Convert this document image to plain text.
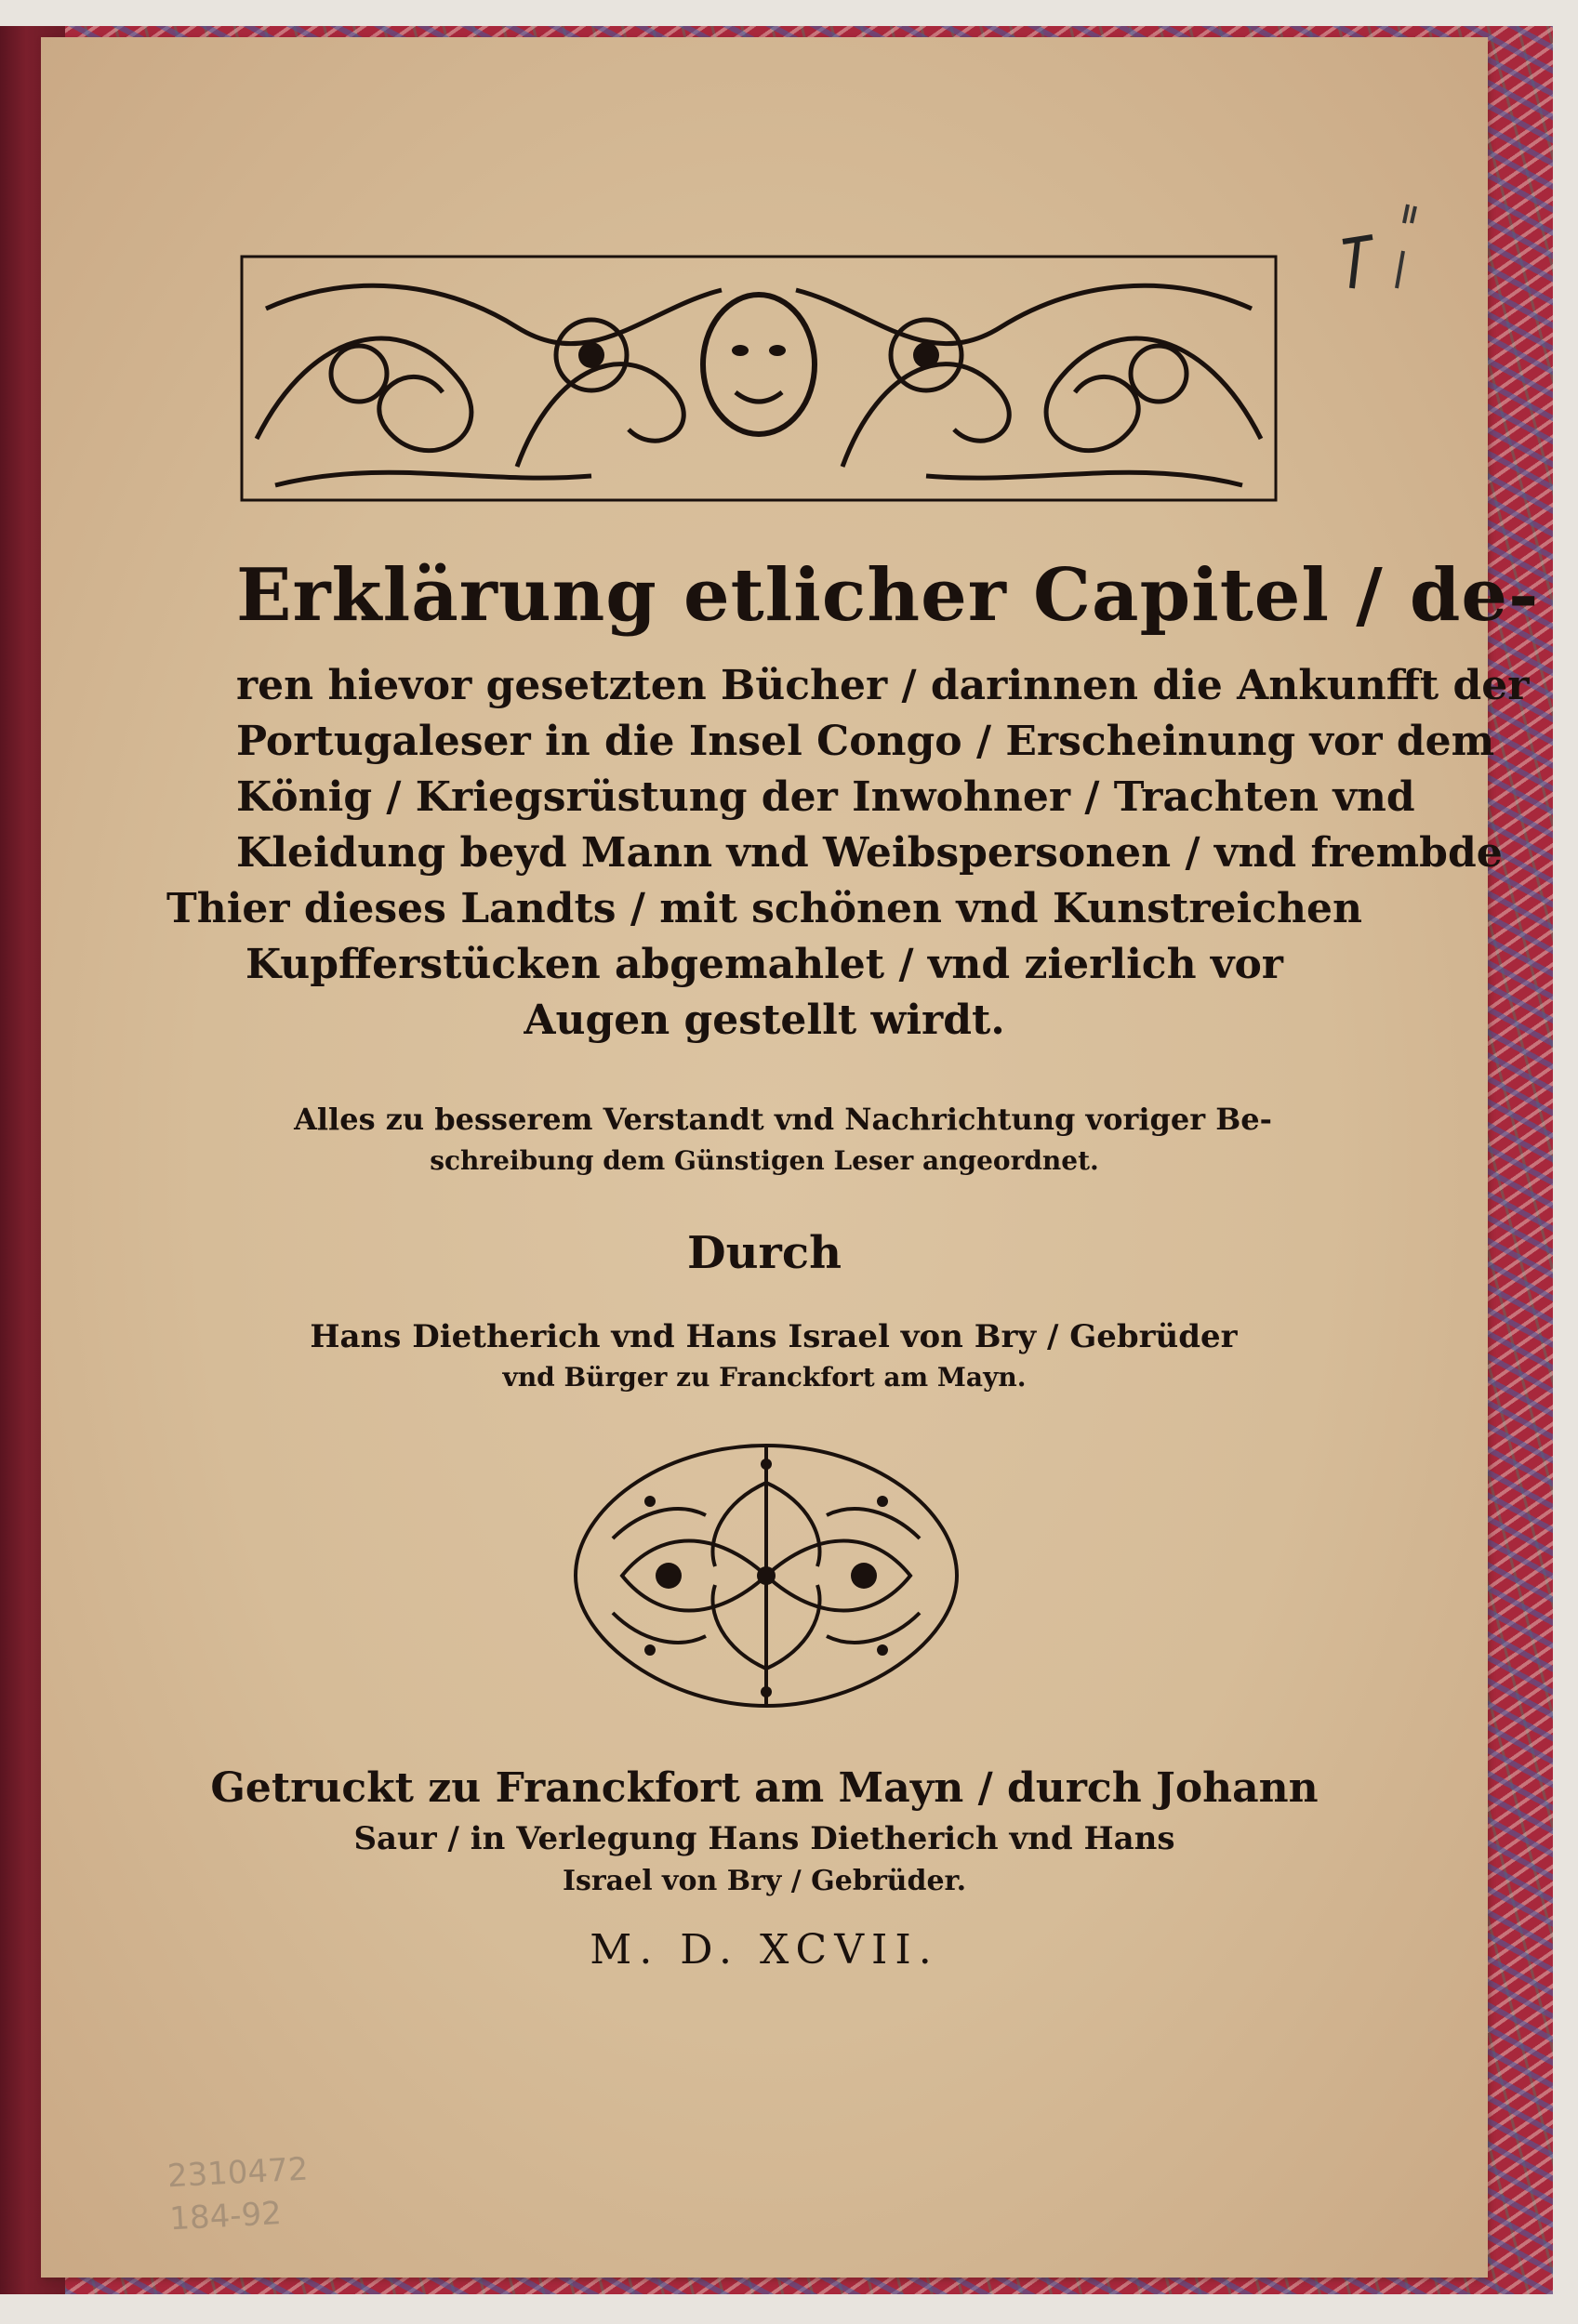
Erklärung etlicher Capitel / de-
ren hievor gesetzten Bücher / darinnen die Ankunfft der
Portugaleser in die Insel Congo / Erscheinung vor dem
König / Kriegsrüstung der Inwohner / Trachten vnd
Kleidung beyd Mann vnd Weibspersonen / vnd frembde
Thier dieses Landts / mit schönen vnd Kunstreichen
Kupfferstücken abgemahlet / vnd zierlich vor
Augen gestellt wirdt.
Alles zu besserem Verstandt vnd Nachrichtung voriger Be-
schreibung dem Günstigen Leser angeordnet.
Durch
Hans Dietherich vnd Hans Israel von Bry / Gebrüder
vnd Bürger zu Franckfort am Mayn.
Getruckt zu Franckfort am Mayn / durch Johann
Saur / in Verlegung Hans Dietherich vnd Hans
Israel von Bry / Gebrüder.
M. D. XCVII.
2310472
184-92
